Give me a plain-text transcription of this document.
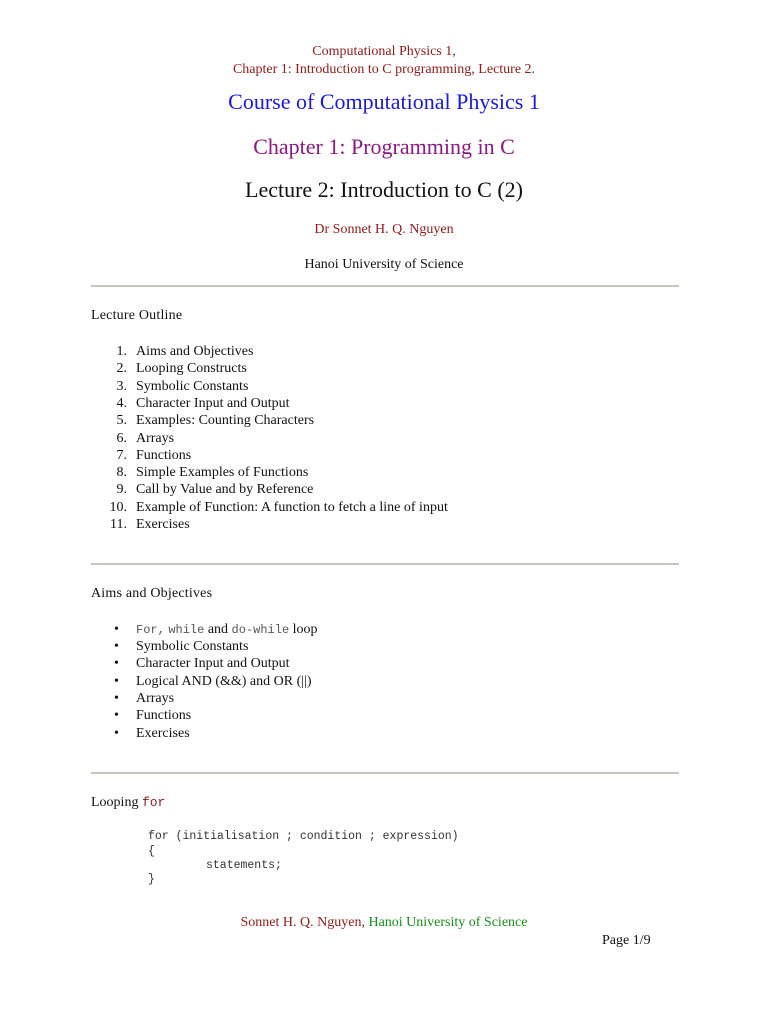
Computational Physics 1,
Chapter 1: Introduction to C programming, Lecture 2.
Course of Computational Physics 1
Chapter 1: Programming in C
Lecture 2: Introduction to C (2)
Dr Sonnet H. Q. Nguyen
Hanoi University of Science
Lecture Outline
1. Aims and Objectives
2. Looping Constructs
3. Symbolic Constants
4. Character Input and Output
5. Examples: Counting Characters
6. Arrays
7. Functions
8. Simple Examples of Functions
9. Call by Value and by Reference
10. Example of Function: A function to fetch a line of input
11. Exercises
Aims and Objectives
• For, while and do-while loop
• Symbolic Constants
• Character Input and Output
• Logical AND (&&) and OR (||)
• Arrays
• Functions
• Exercises
Looping for
for (initialisation ; condition ; expression)
{
statements;
}
Sonnet H. Q. Nguyen, Hanoi University of Science
Page 1/9
